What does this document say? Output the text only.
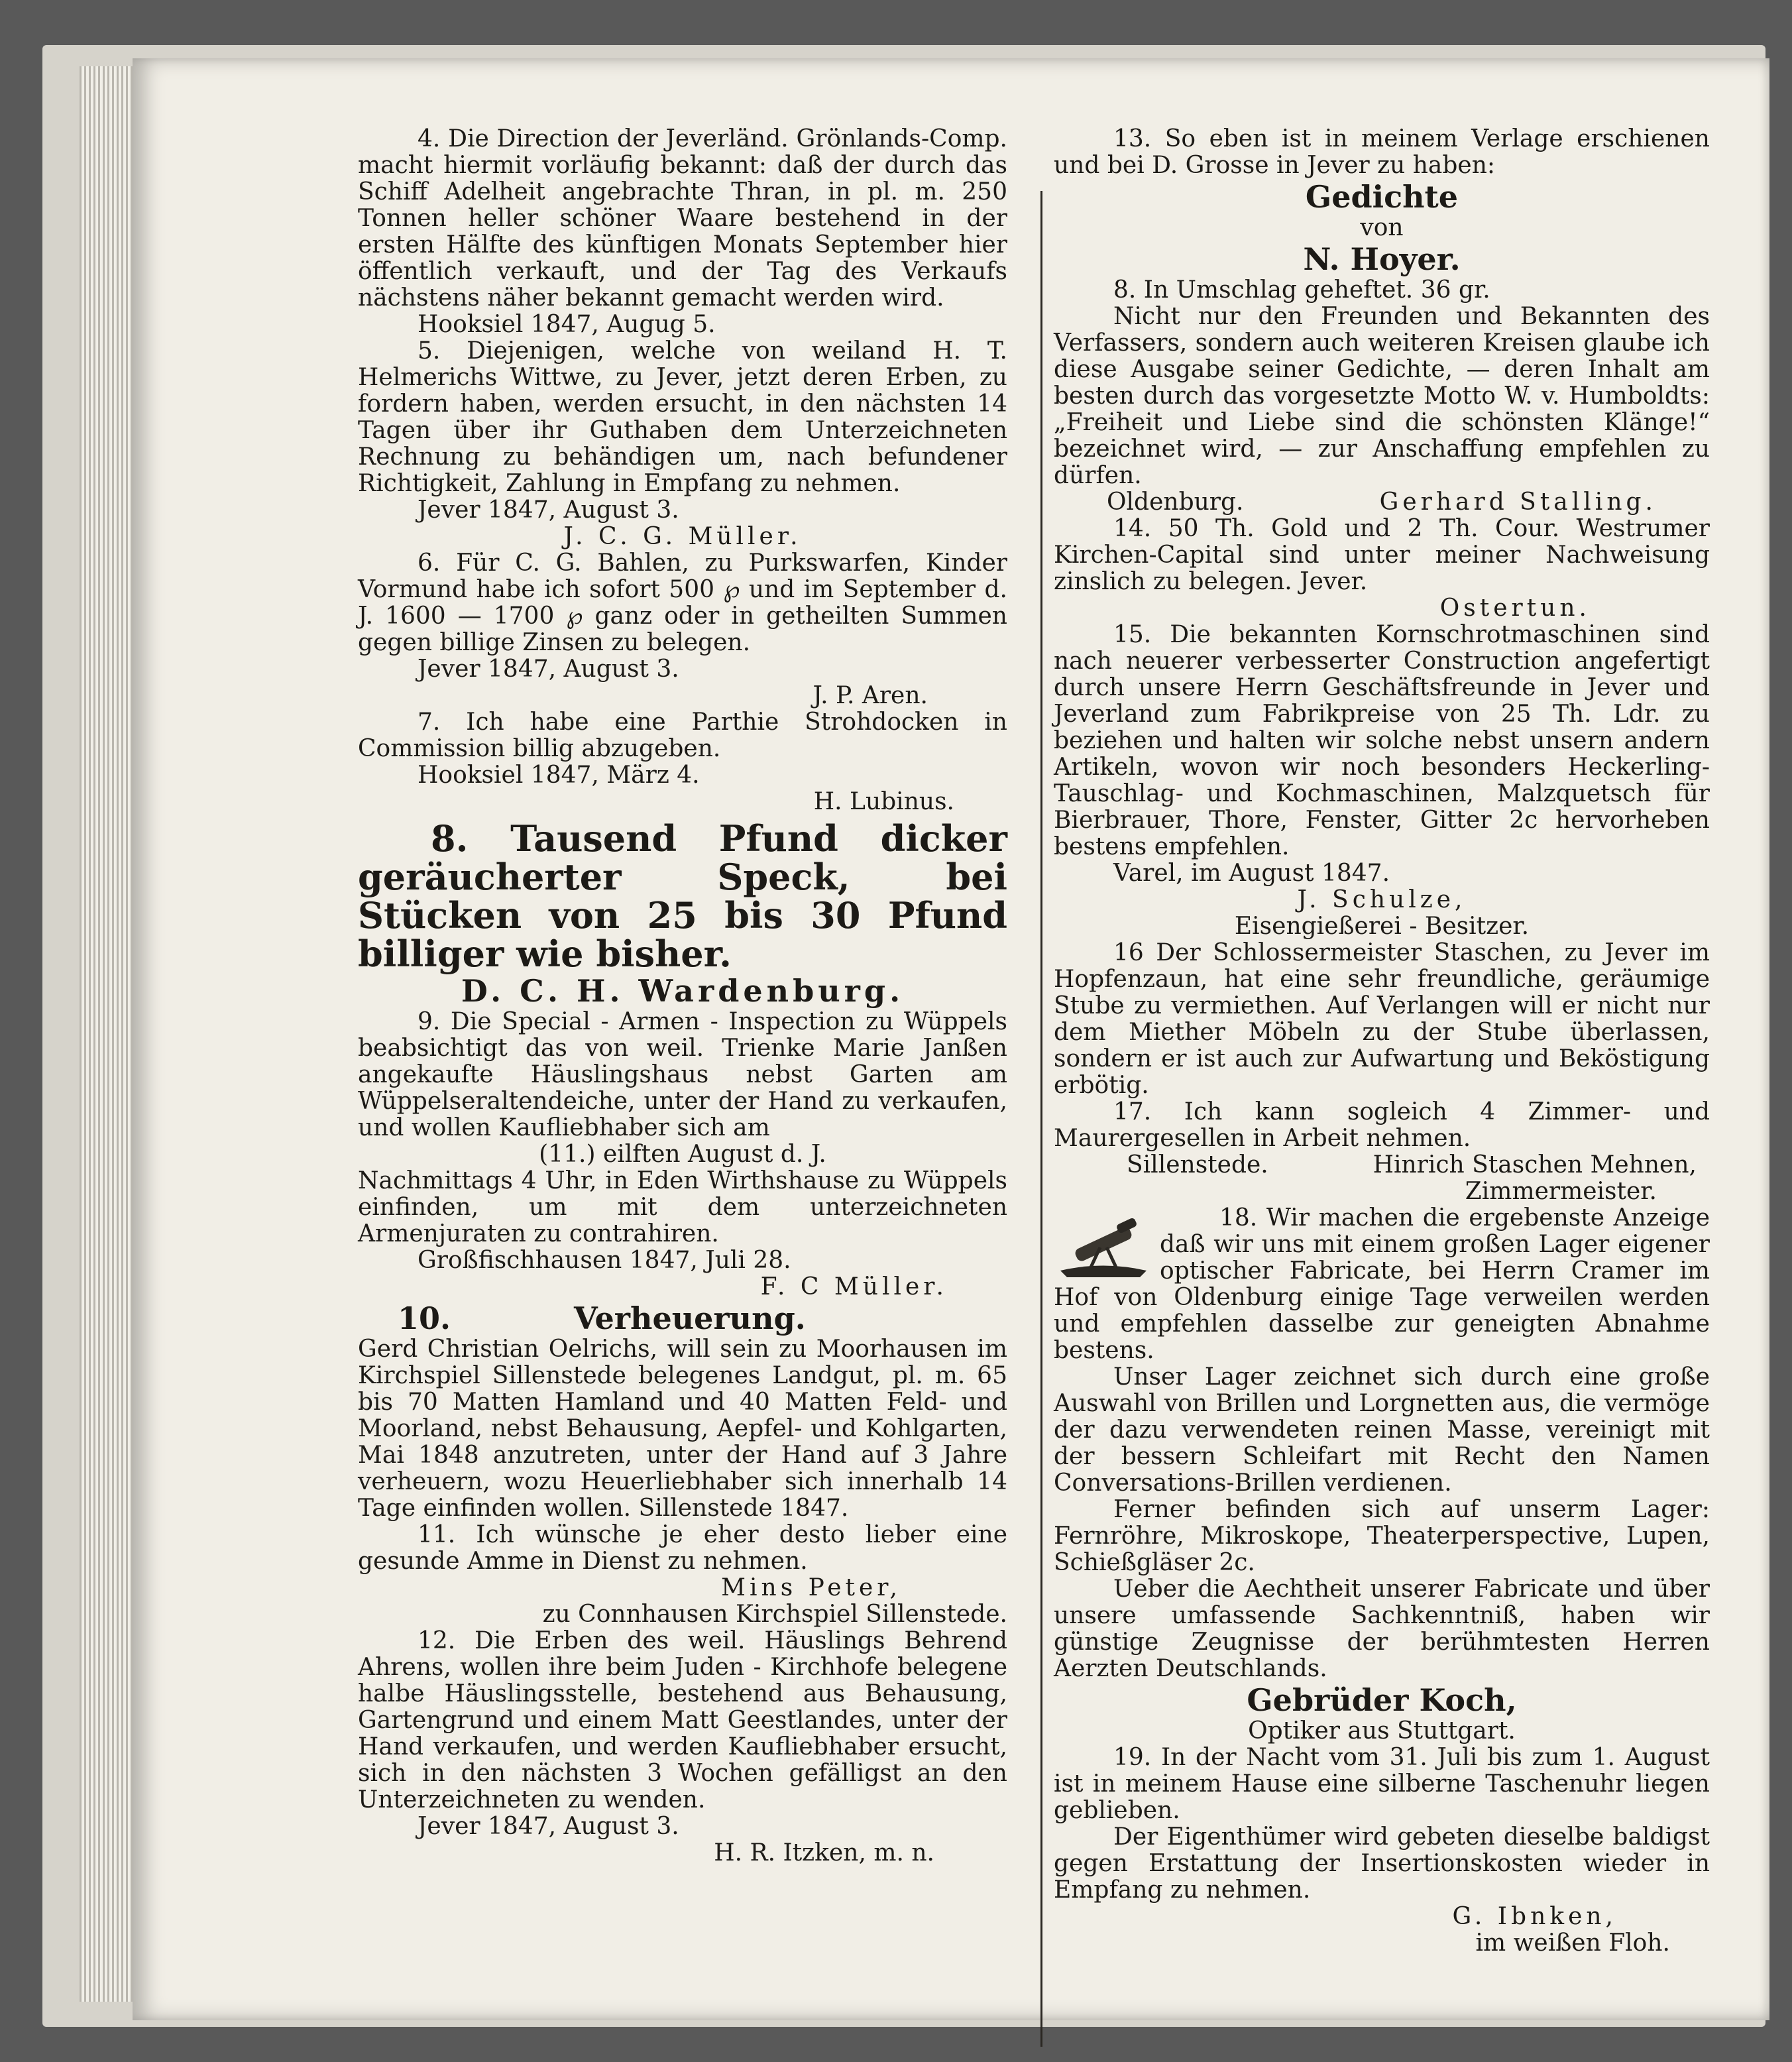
4. Die Direction der Jeverländ. Grönlands-Comp. macht hiermit vorläufig bekannt: daß der durch das Schiff Adelheit angebrachte Thran, in pl. m. 250 Tonnen heller schöner Waare bestehend in der ersten Hälfte des künftigen Monats September hier öffentlich verkauft, und der Tag des Verkaufs nächstens näher bekannt gemacht werden wird.

Hooksiel 1847, Augug 5.

5. Diejenigen, welche von weiland H. T. Helmerichs Wittwe, zu Jever, jetzt deren Erben, zu fordern haben, werden ersucht, in den nächsten 14 Tagen über ihr Guthaben dem Unterzeichneten Rechnung zu behändigen um, nach befundener Richtigkeit, Zahlung in Empfang zu nehmen.

Jever 1847, August 3.

J. C. G. Müller.

6. Für C. G. Bahlen, zu Purkswarfen, Kinder Vormund habe ich sofort 500 ℘ und im September d. J. 1600 — 1700 ℘ ganz oder in getheilten Summen gegen billige Zinsen zu belegen.

Jever 1847, August 3.

J. P. Aren.

7. Ich habe eine Parthie Strohdocken in Commission billig abzugeben.

Hooksiel 1847, März 4.

H. Lubinus.

8. Tausend Pfund dicker geräucherter Speck, bei Stücken von 25 bis 30 Pfund billiger wie bisher.

D. C. H. Wardenburg.

9. Die Special - Armen - Inspection zu Wüppels beabsichtigt das von weil. Trienke Marie Janßen angekaufte Häuslingshaus nebst Garten am Wüppelseraltendeiche, unter der Hand zu verkaufen, und wollen Kaufliebhaber sich am

(11.) eilften August d. J.

Nachmittags 4 Uhr, in Eden Wirthshause zu Wüppels einfinden, um mit dem unterzeichneten Armenjuraten zu contrahiren.

Großfischhausen 1847, Juli 28.

F. C Müller.

10.	Verheuerung.

Gerd Christian Oelrichs, will sein zu Moorhausen im Kirchspiel Sillenstede belegenes Landgut, pl. m. 65 bis 70 Matten Hamland und 40 Matten Feld- und Moorland, nebst Behausung, Aepfel- und Kohlgarten, Mai 1848 anzutreten, unter der Hand auf 3 Jahre verheuern, wozu Heuerliebhaber sich innerhalb 14 Tage einfinden wollen. Sillenstede 1847.

11. Ich wünsche je eher desto lieber eine gesunde Amme in Dienst zu nehmen.

Mins Peter,

zu Connhausen Kirchspiel Sillenstede.

12. Die Erben des weil. Häuslings Behrend Ahrens, wollen ihre beim Juden - Kirchhofe belegene halbe Häuslingsstelle, bestehend aus Behausung, Gartengrund und einem Matt Geestlandes, unter der Hand verkaufen, und werden Kaufliebhaber ersucht, sich in den nächsten 3 Wochen gefälligst an den Unterzeichneten zu wenden.

Jever 1847, August 3.

H. R. Itzken, m. n.

13. So eben ist in meinem Verlage erschienen und bei D. Grosse in Jever zu haben:

Gedichte

von

N. Hoyer.

8. In Umschlag geheftet. 36 gr.

Nicht nur den Freunden und Bekannten des Verfassers, sondern auch weiteren Kreisen glaube ich diese Ausgabe seiner Gedichte, — deren Inhalt am besten durch das vorgesetzte Motto W. v. Humboldts: „Freiheit und Liebe sind die schönsten Klänge!“ bezeichnet wird, — zur Anschaffung empfehlen zu dürfen.

Oldenburg.	Gerhard Stalling.

14. 50 Th. Gold und 2 Th. Cour. Westrumer Kirchen-Capital sind unter meiner Nachweisung zinslich zu belegen. Jever.

Ostertun.

15. Die bekannten Kornschrotmaschinen sind nach neuerer verbesserter Construction angefertigt durch unsere Herrn Geschäftsfreunde in Jever und Jeverland zum Fabrikpreise von 25 Th. Ldr. zu beziehen und halten wir solche nebst unsern andern Artikeln, wovon wir noch besonders Heckerling-Tauschlag- und Kochmaschinen, Malzquetsch für Bierbrauer, Thore, Fenster, Gitter 2c hervorheben bestens empfehlen.

Varel, im August 1847.

J. Schulze,

Eisengießerei - Besitzer.

16 Der Schlossermeister Staschen, zu Jever im Hopfenzaun, hat eine sehr freundliche, geräumige Stube zu vermiethen. Auf Verlangen will er nicht nur dem Miether Möbeln zu der Stube überlassen, sondern er ist auch zur Aufwartung und Beköstigung erbötig.

17. Ich kann sogleich 4 Zimmer- und Maurergesellen in Arbeit nehmen.

Sillenstede.	Hinrich Staschen Mehnen,

Zimmermeister.

18. Wir machen die ergebenste Anzeige daß wir uns mit einem großen Lager eigener optischer Fabricate, bei Herrn Cramer im Hof von Oldenburg einige Tage verweilen werden und empfehlen dasselbe zur geneigten Abnahme bestens.

Unser Lager zeichnet sich durch eine große Auswahl von Brillen und Lorgnetten aus, die vermöge der dazu verwendeten reinen Masse, vereinigt mit der bessern Schleifart mit Recht den Namen Conversations-Brillen verdienen.

Ferner befinden sich auf unserm Lager: Fernröhre, Mikroskope, Theaterperspective, Lupen, Schießgläser 2c.

Ueber die Aechtheit unserer Fabricate und über unsere umfassende Sachkenntniß, haben wir günstige Zeugnisse der berühmtesten Herren Aerzten Deutschlands.

Gebrüder Koch,

Optiker aus Stuttgart.

19. In der Nacht vom 31. Juli bis zum 1. August ist in meinem Hause eine silberne Taschenuhr liegen geblieben.

Der Eigenthümer wird gebeten dieselbe baldigst gegen Erstattung der Insertionskosten wieder in Empfang zu nehmen.

G. Ibnken,

im weißen Floh.
